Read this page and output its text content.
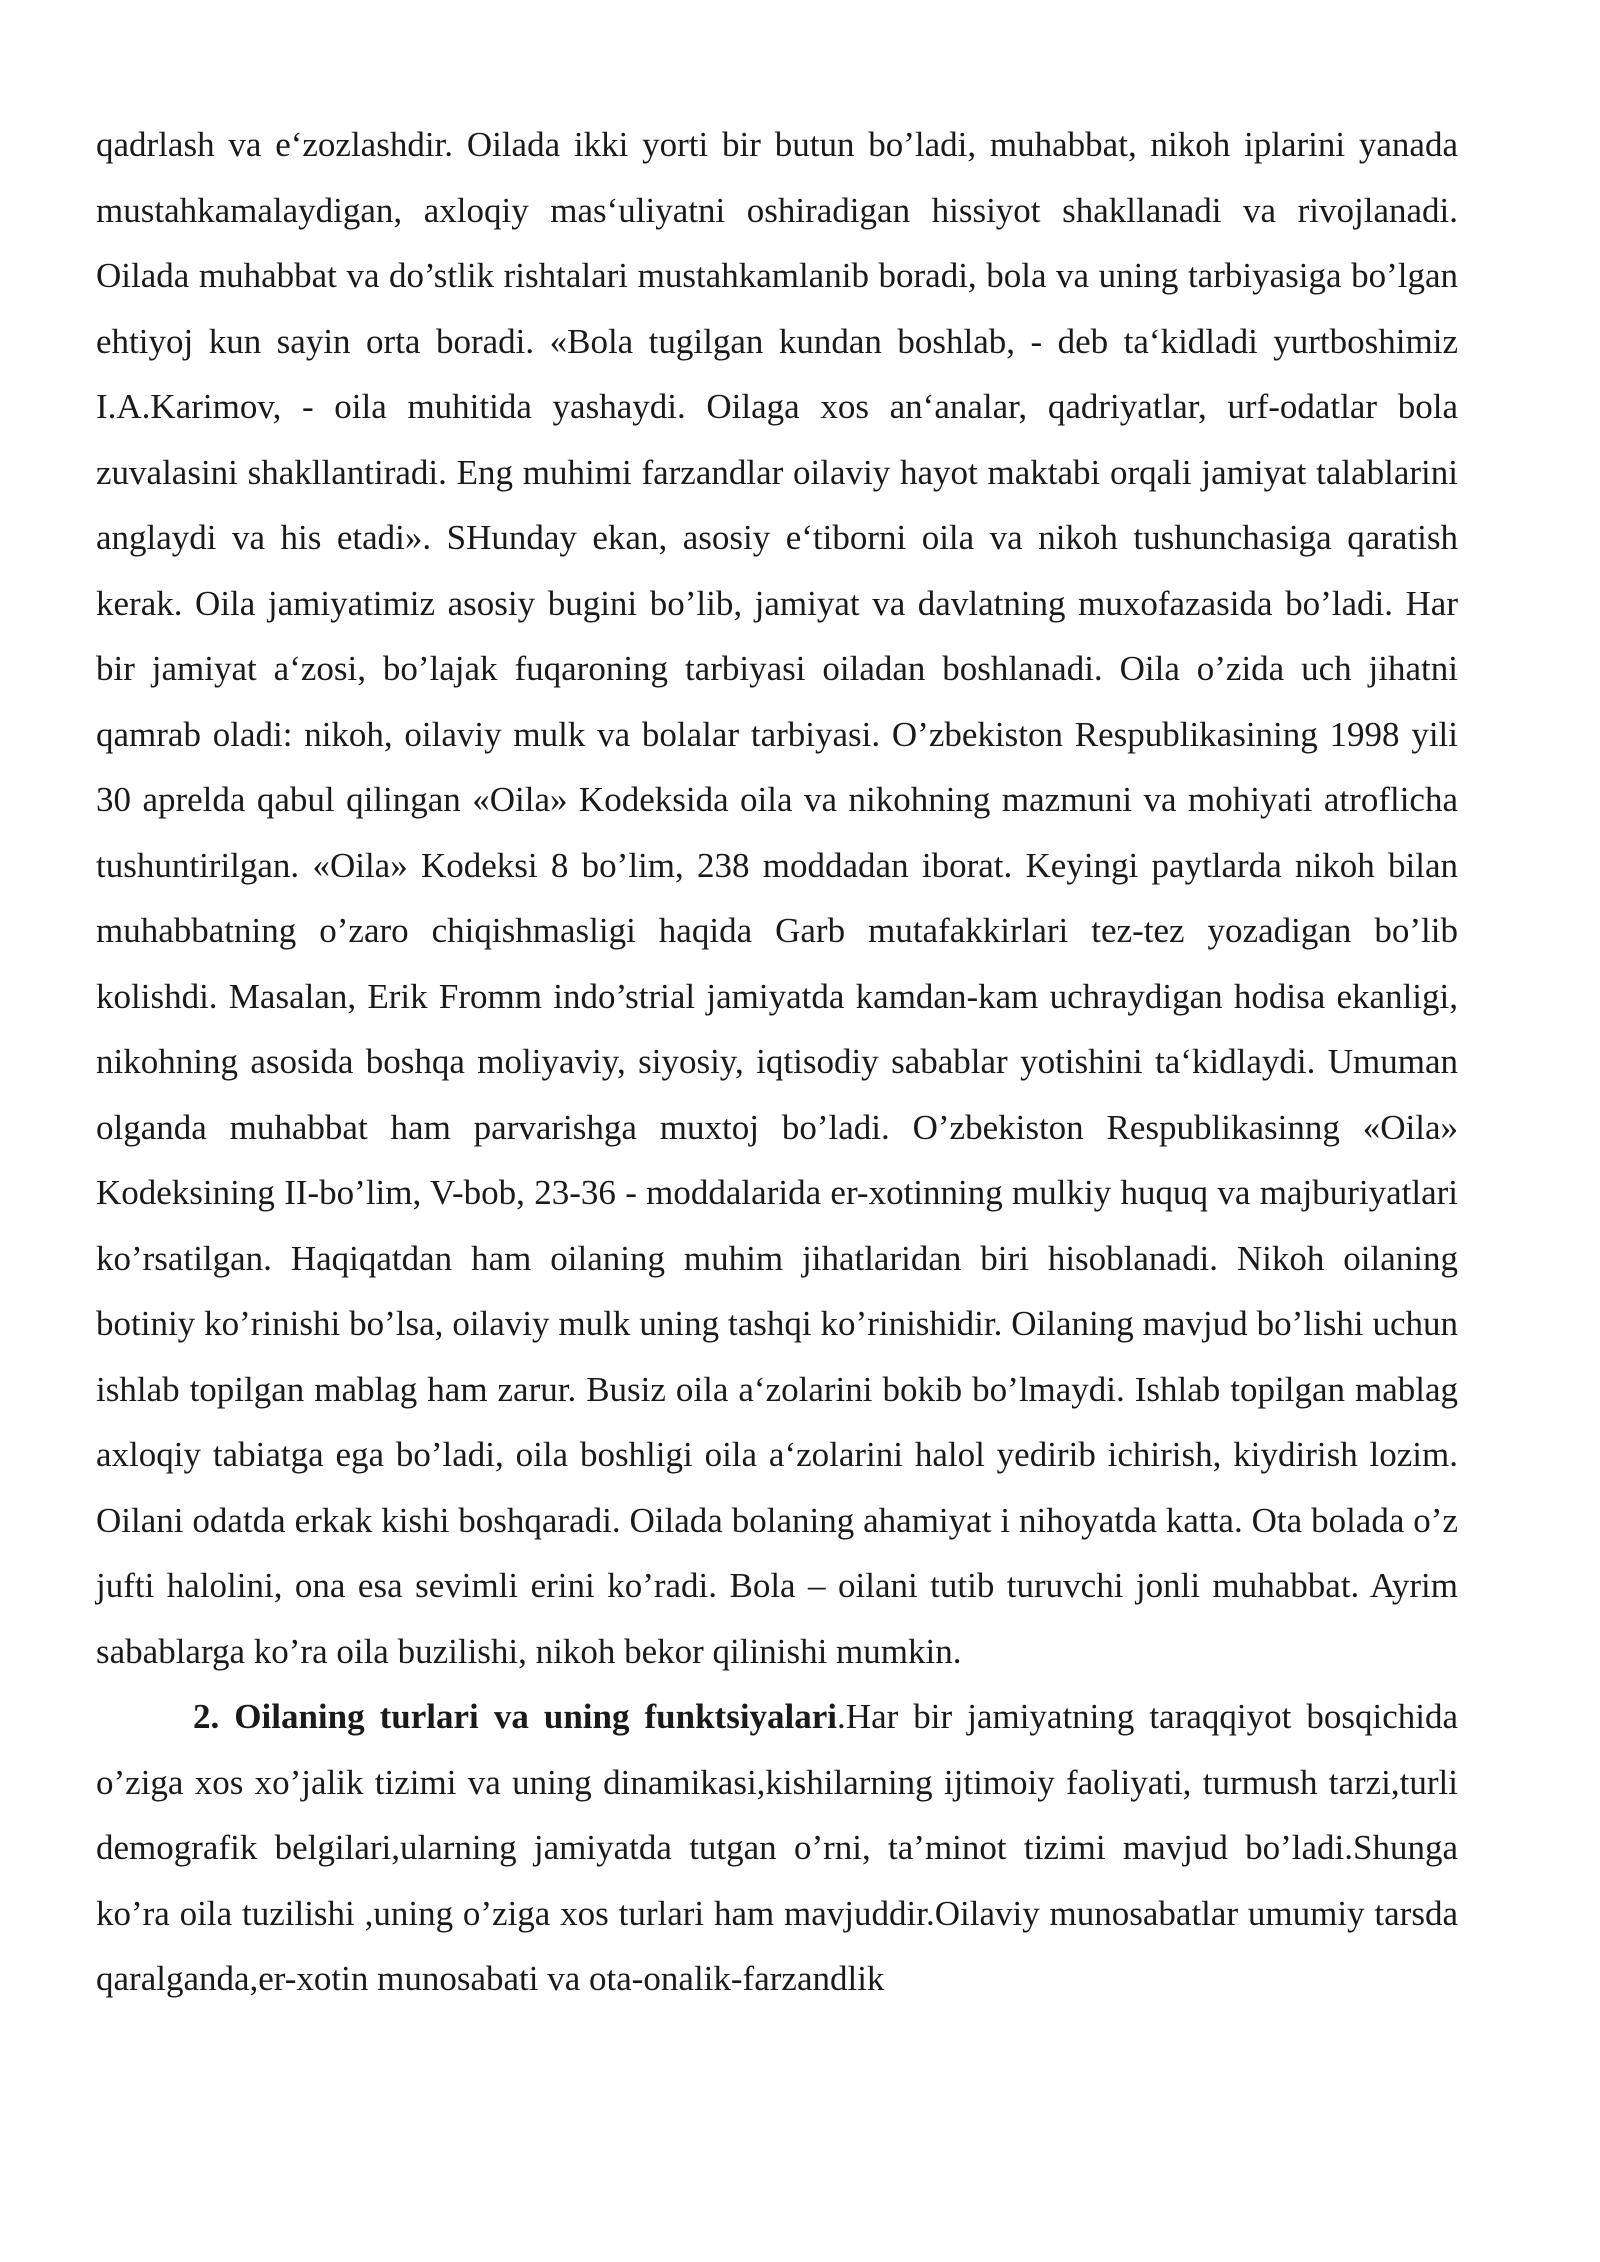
qadrlash va e‘zozlashdir. Oilada ikki yorti bir butun bo’ladi, muhabbat, nikoh iplarini yanada mustahkamalaydigan, axloqiy mas‘uliyatni oshiradigan hissiyot shakllanadi va rivojlanadi. Oilada muhabbat va do’stlik rishtalari mustahkamlanib boradi, bola va uning tarbiyasiga bo’lgan ehtiyoj kun sayin orta boradi. «Bola tugilgan kundan boshlab, - deb ta‘kidladi yurtboshimiz I.A.Karimov, - oila muhitida yashaydi. Oilaga xos an‘analar, qadriyatlar, urf-odatlar bola zuvalasini shakllantiradi. Eng muhimi farzandlar oilaviy hayot maktabi orqali jamiyat talablarini anglaydi va his etadi». SHunday ekan, asosiy e‘tiborni oila va nikoh tushunchasiga qaratish kerak. Oila jamiyatimiz asosiy bugini bo’lib, jamiyat va davlatning muxofazasida bo’ladi. Har bir jamiyat a‘zosi, bo’lajak fuqaroning tarbiyasi oiladan boshlanadi. Oila o’zida uch jihatni qamrab oladi: nikoh, oilaviy mulk va bolalar tarbiyasi. O’zbekiston Respublikasining 1998 yili 30 aprelda qabul qilingan «Oila» Kodeksida oila va nikohning mazmuni va mohiyati atroflicha tushuntirilgan. «Oila» Kodeksi 8 bo’lim, 238 moddadan iborat. Keyingi paytlarda nikoh bilan muhabbatning o’zaro chiqishmasligi haqida Garb mutafakkirlari tez-tez yozadigan bo’lib kolishdi. Masalan, Erik Fromm indo’strial jamiyatda kamdan-kam uchraydigan hodisa ekanligi, nikohning asosida boshqa moliyaviy, siyosiy, iqtisodiy sabablar yotishini ta‘kidlaydi. Umuman olganda muhabbat ham parvarishga muxtoj bo’ladi. O’zbekiston Respublikasinng «Oila» Kodeksining II-bo’lim, V-bob, 23-36 - moddalarida er-xotinning mulkiy huquq va majburiyatlari ko’rsatilgan. Haqiqatdan ham oilaning muhim jihatlaridan biri hisoblanadi. Nikoh oilaning botiniy ko’rinishi bo’lsa, oilaviy mulk uning tashqi ko’rinishidir. Oilaning mavjud bo’lishi uchun ishlab topilgan mablag ham zarur. Busiz oila a‘zolarini bokib bo’lmaydi. Ishlab topilgan mablag axloqiy tabiatga ega bo’ladi, oila boshligi oila a‘zolarini halol yedirib ichirish, kiydirish lozim. Oilani odatda erkak kishi boshqaradi. Oilada bolaning ahamiyat i nihoyatda katta. Ota bolada o’z jufti halolini, ona esa sevimli erini ko’radi. Bola – oilani tutib turuvchi jonli muhabbat. Ayrim sabablarga ko’ra oila buzilishi, nikoh bekor qilinishi mumkin.

2. Oilaning turlari va uning funktsiyalari.Har bir jamiyatning taraqqiyot bosqichida o’ziga xos xo’jalik tizimi va uning dinamikasi,kishilarning ijtimoiy faoliyati, turmush tarzi,turli demografik belgilari,ularning jamiyatda tutgan o’rni, ta’minot tizimi mavjud bo’ladi.Shunga ko’ra oila tuzilishi ,uning o’ziga xos turlari ham mavjuddir.Oilaviy munosabatlar umumiy tarsda qaralganda,er-xotin munosabati va ota-onalik-farzandlik
